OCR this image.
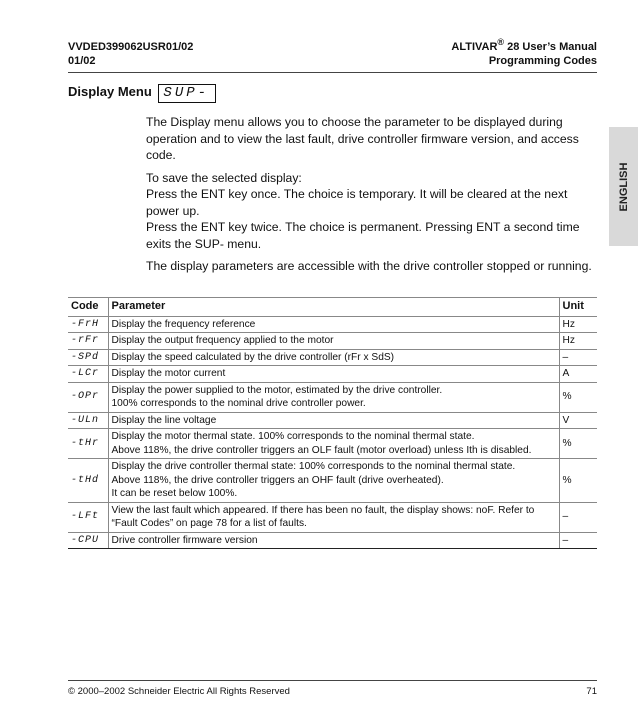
VVDED399062USR01/02
01/02
ALTIVAR® 28 User’s Manual
Programming Codes
ENGLISH
Display Menu SUP-

The Display menu allows you to choose the parameter to be displayed during operation and to view the last fault, drive controller firmware version, and access code.

To save the selected display:
Press the ENT key once. The choice is temporary. It will be cleared at the next power up.

Press the ENT key twice. The choice is permanent. Pressing ENT a second time exits the SUP- menu.

The display parameters are accessible with the drive controller stopped or running.

Code	Parameter	Unit
-FrH	Display the frequency reference	Hz
-rFr	Display the output frequency applied to the motor	Hz
-SPd	Display the speed calculated by the drive controller (rFr x SdS)	–
-LCr	Display the motor current	A
-OPr	Display the power supplied to the motor, estimated by the drive controller.
100% corresponds to the nominal drive controller power.	%
-ULn	Display the line voltage	V
-tHr	Display the motor thermal state. 100% corresponds to the nominal thermal state.
Above 118%, the drive controller triggers an OLF fault (motor overload) unless Ith is disabled.	%
-tHd	Display the drive controller thermal state: 100% corresponds to the nominal thermal state.
Above 118%, the drive controller triggers an OHF fault (drive overheated).
It can be reset below 100%.	%
-LFt	View the last fault which appeared. If there has been no fault, the display shows: noF. Refer to
“Fault Codes” on page 78 for a list of faults.	–
-CPU	Drive controller firmware version	–
© 2000–2002 Schneider Electric All Rights Reserved	71
